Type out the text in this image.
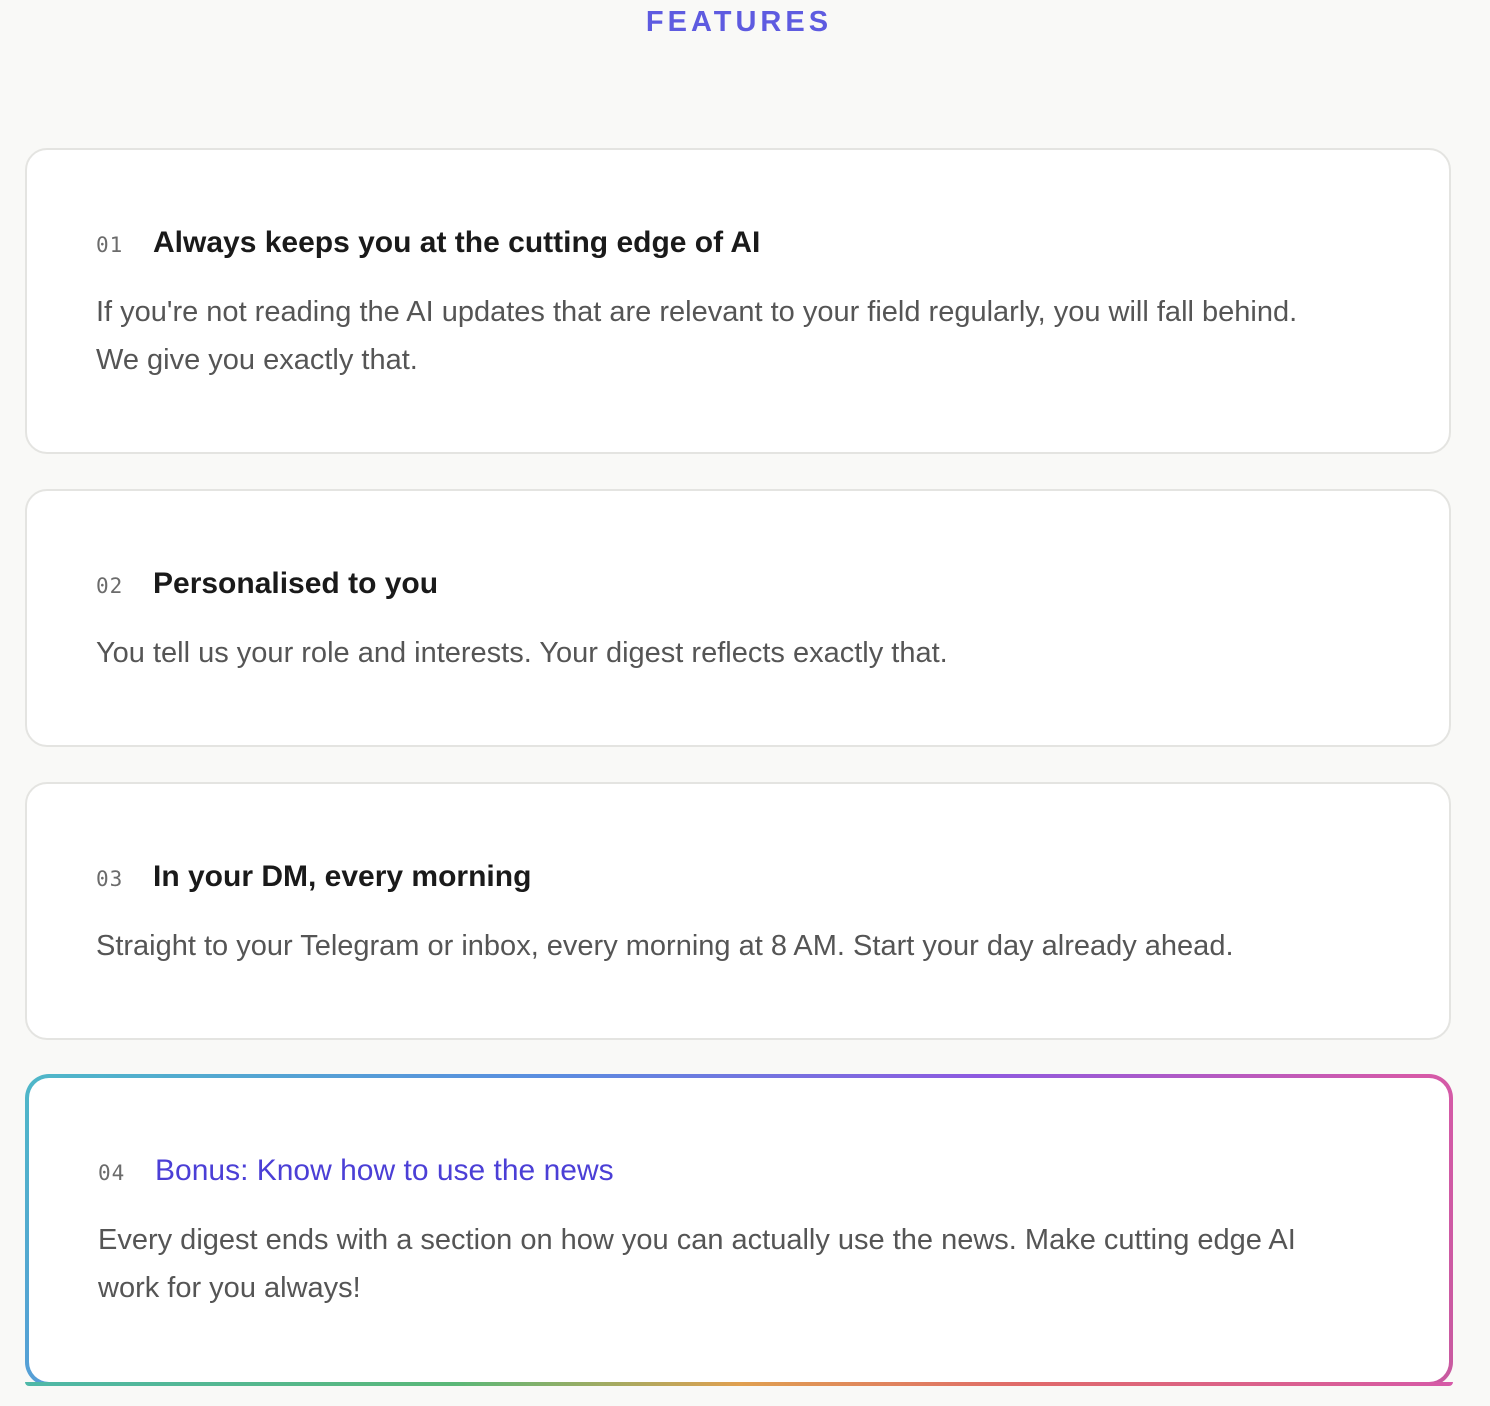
FEATURES
01 Always keeps you at the cutting edge of AI
If you're not reading the AI updates that are relevant to your field regularly, you will fall behind.
We give you exactly that.
02 Personalised to you
You tell us your role and interests. Your digest reflects exactly that.
03 In your DM, every morning
Straight to your Telegram or inbox, every morning at 8 AM. Start your day already ahead.
04 Bonus: Know how to use the news
Every digest ends with a section on how you can actually use the news. Make cutting edge AI
work for you always!
